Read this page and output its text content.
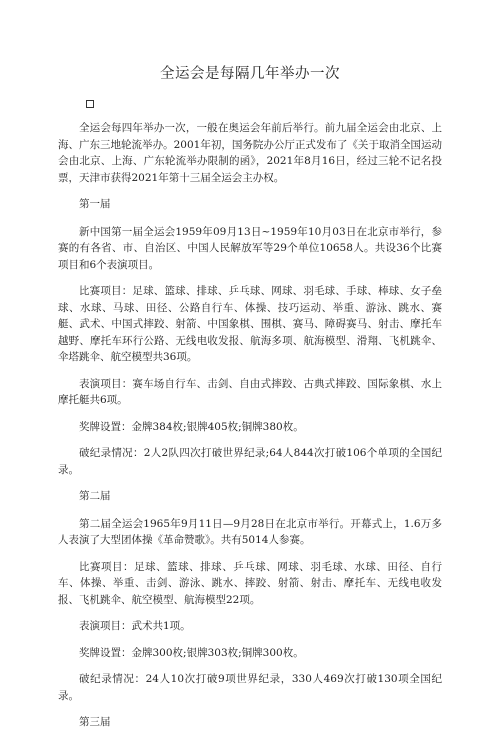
全运会是每隔几年举办一次

全运会每四年举办一次，一般在奥运会年前后举行。前九届全运会由北京、上海、广东三地轮流举办。2001年初，国务院办公厅正式发布了《关于取消全国运动会由北京、上海、广东轮流举办限制的函》，2021年8月16日，经过三轮不记名投票，天津市获得2021年第十三届全运会主办权。

第一届

新中国第一届全运会1959年09月13日~1959年10月03日在北京市举行，参赛的有各省、市、自治区、中国人民解放军等29个单位10658人。共设36个比赛项目和6个表演项目。

比赛项目：足球、篮球、排球、乒乓球、网球、羽毛球、手球、棒球、女子垒球、水球、马球、田径、公路自行车、体操、技巧运动、举重、游泳、跳水、赛艇、武术、中国式摔跤、射箭、中国象棋、围棋、赛马、障碍赛马、射击、摩托车越野、摩托车环行公路、无线电收发报、航海多项、航海模型、滑翔、飞机跳伞、伞塔跳伞、航空模型共36项。

表演项目：赛车场自行车、击剑、自由式摔跤、古典式摔跤、国际象棋、水上摩托艇共6项。

奖牌设置：金牌384枚;银牌405枚;铜牌380枚。

破纪录情况：2人2队四次打破世界纪录;64人844次打破106个单项的全国纪录。

第二届

第二届全运会1965年9月11日—9月28日在北京市举行。开幕式上，1.6万多人表演了大型团体操《革命赞歌》。共有5014人参赛。

比赛项目：足球、篮球、排球、乒乓球、网球、羽毛球、水球、田径、自行车、体操、举重、击剑、游泳、跳水、摔跤、射箭、射击、摩托车、无线电收发报、飞机跳伞、航空模型、航海模型22项。

表演项目：武术共1项。

奖牌设置：金牌300枚;银牌303枚;铜牌300枚。

破纪录情况：24人10次打破9项世界纪录，330人469次打破130项全国纪录。

第三届
